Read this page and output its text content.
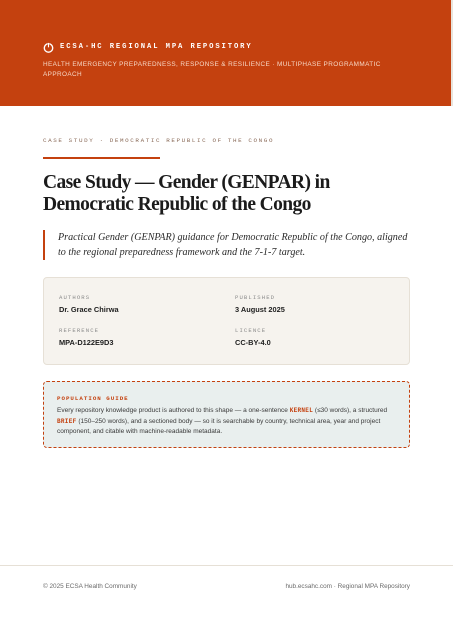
ECSA-HC REGIONAL MPA REPOSITORY
HEALTH EMERGENCY PREPAREDNESS, RESPONSE & RESILIENCE · MULTIPHASE PROGRAMMATIC APPROACH
CASE STUDY · DEMOCRATIC REPUBLIC OF THE CONGO
Case Study — Gender (GENPAR) in Democratic Republic of the Congo

Practical Gender (GENPAR) guidance for Democratic Republic of the Congo, aligned to the regional preparedness framework and the 7-1-7 target.

AUTHORS
Dr. Grace Chirwa
PUBLISHED
3 August 2025
REFERENCE
MPA-D122E9D3
LICENCE
CC-BY-4.0
POPULATION GUIDE
Every repository knowledge product is authored to this shape — a one-sentence KERNEL (≤30 words), a structured BRIEF (150–250 words), and a sectioned body — so it is searchable by country, technical area, year and project component, and citable with machine-readable metadata.
© 2025 ECSA Health Community	hub.ecsahc.com · Regional MPA Repository
